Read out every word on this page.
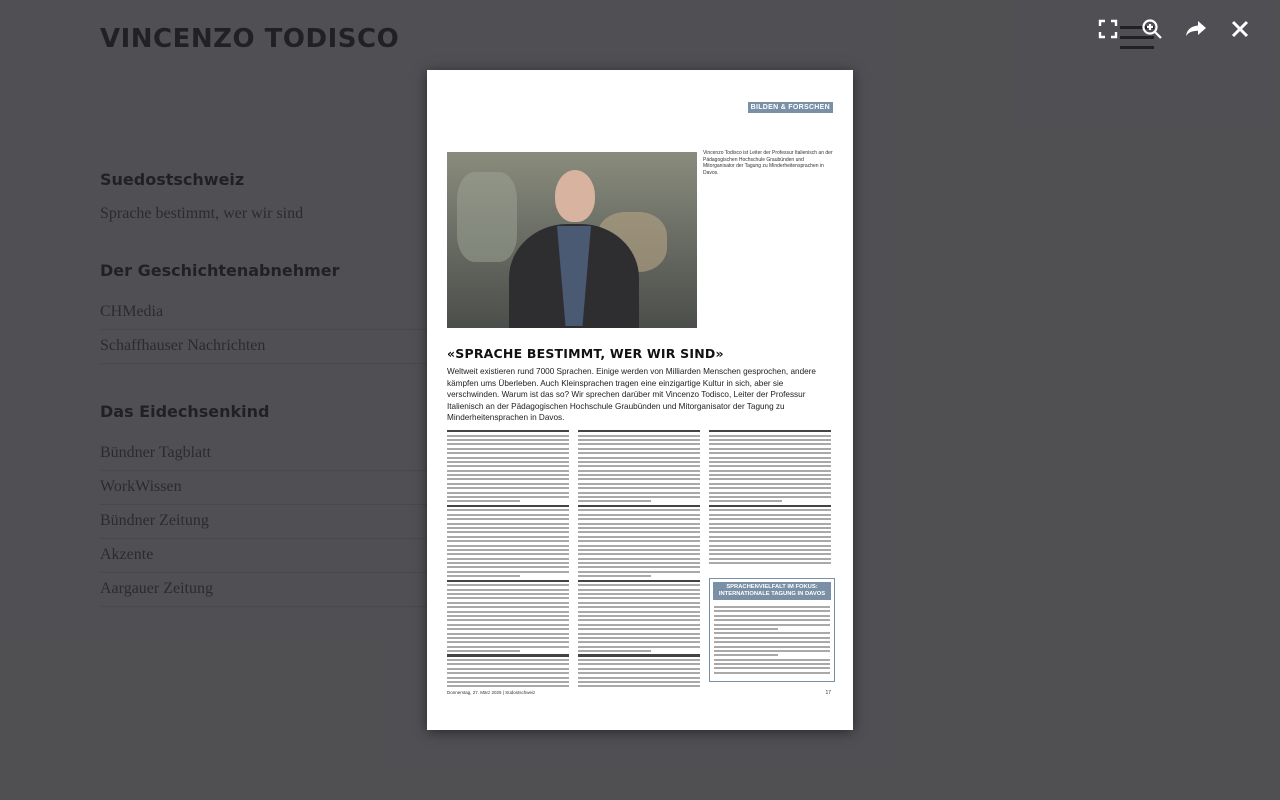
BILDEN & FORSCHEN
Vincenzo Todisco ist Leiter der Professur Italienisch an der Pädagogischen Hochschule Graubünden und Mitorganisator der Tagung zu Minderheitensprachen in Davos.
«SPRACHE BESTIMMT, WER WIR SIND»
Weltweit existieren rund 7000 Sprachen. Einige werden von Milliarden Menschen gesprochen, andere kämpfen ums Überleben. Auch Kleinsprachen tragen eine einzigartige Kultur in sich, aber sie verschwinden. Warum ist das so? Wir sprechen darüber mit Vincenzo Todisco, Leiter der Professur Italienisch an der Pädagogischen Hochschule Graubünden und Mitorganisator der Tagung zu Minderheitensprachen in Davos.
SPRACHENVIELFALT IM FOKUS: INTERNATIONALE TAGUNG IN DAVOS
Donnerstag, 27. März 2025 | Südostschweiz	17
